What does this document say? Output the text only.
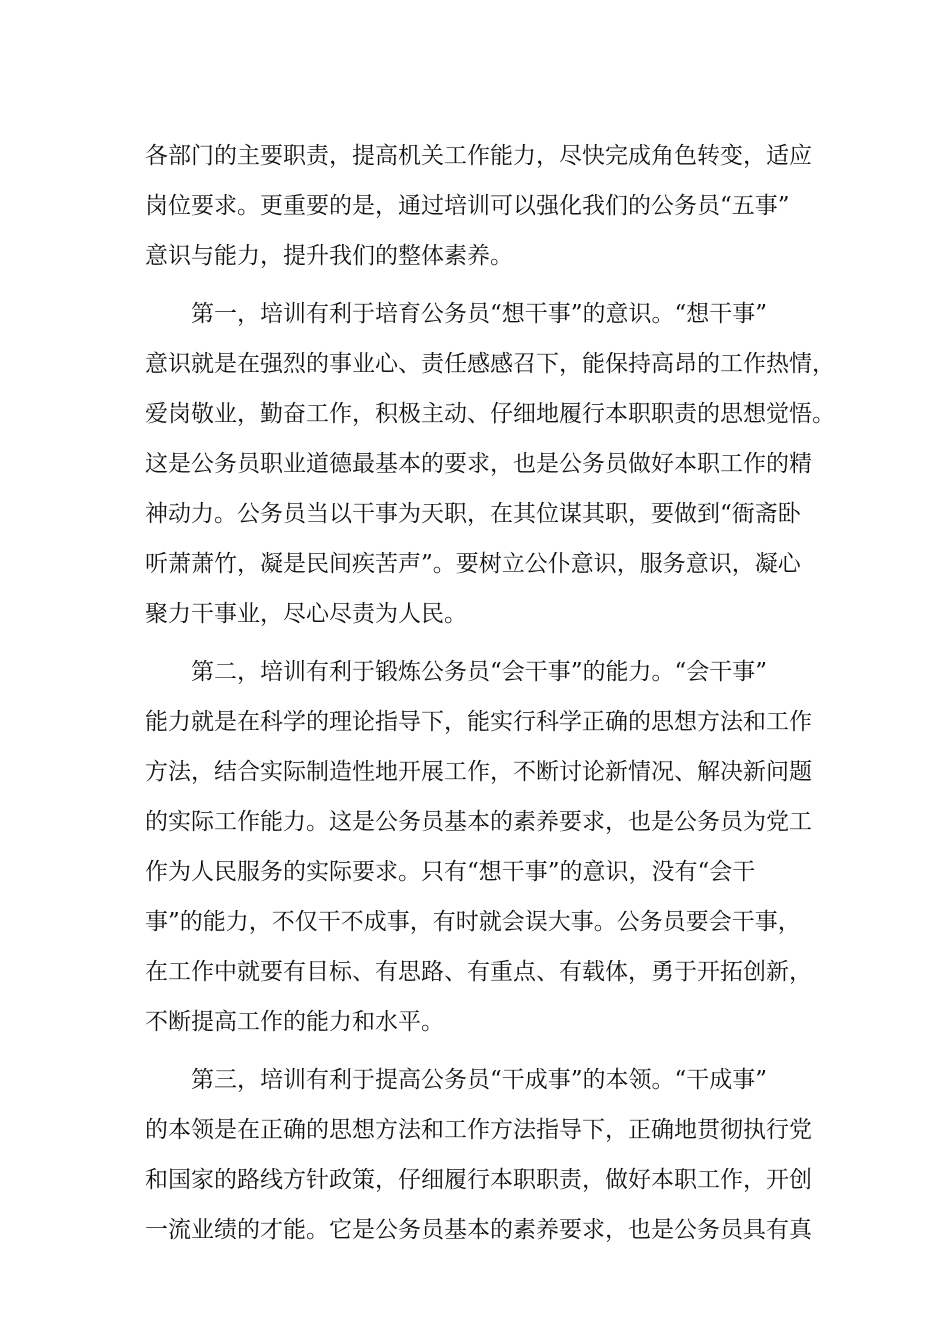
各部门的主要职责，提高机关工作能力，尽快完成角色转变，适应
岗位要求。更重要的是，通过培训可以强化我们的公务员“五事”
意识与能力，提升我们的整体素养。
第一，培训有利于培育公务员“想干事”的意识。“想干事”
意识就是在强烈的事业心、责任感感召下，能保持高昂的工作热情，
爱岗敬业，勤奋工作，积极主动、仔细地履行本职职责的思想觉悟。
这是公务员职业道德最基本的要求，也是公务员做好本职工作的精
神动力。公务员当以干事为天职，在其位谋其职，要做到“衙斋卧
听萧萧竹，凝是民间疾苦声”。要树立公仆意识，服务意识，凝心
聚力干事业，尽心尽责为人民。
第二，培训有利于锻炼公务员“会干事”的能力。“会干事”
能力就是在科学的理论指导下，能实行科学正确的思想方法和工作
方法，结合实际制造性地开展工作，不断讨论新情况、解决新问题
的实际工作能力。这是公务员基本的素养要求，也是公务员为党工
作为人民服务的实际要求。只有“想干事”的意识，没有“会干
事”的能力，不仅干不成事，有时就会误大事。公务员要会干事，
在工作中就要有目标、有思路、有重点、有载体，勇于开拓创新，
不断提高工作的能力和水平。
第三，培训有利于提高公务员“干成事”的本领。“干成事”
的本领是在正确的思想方法和工作方法指导下，正确地贯彻执行党
和国家的路线方针政策，仔细履行本职职责，做好本职工作，开创
一流业绩的才能。它是公务员基本的素养要求，也是公务员具有真
